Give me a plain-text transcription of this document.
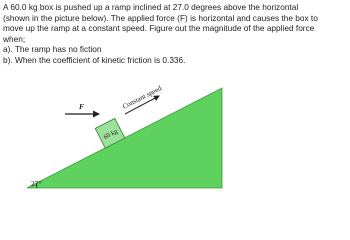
A 60.0 kg box is pushed up a ramp inclined at 27.0 degrees above the horizontal
(shown in the picture below). The applied force (F) is horizontal and causes the box to
move up the ramp at a constant speed. Figure out the magnitude of the applied force
when;
a). The ramp has no fiction
b). When the coefficient of kinetic friction is 0.336.
27°
60 kg
F	Constant speed
